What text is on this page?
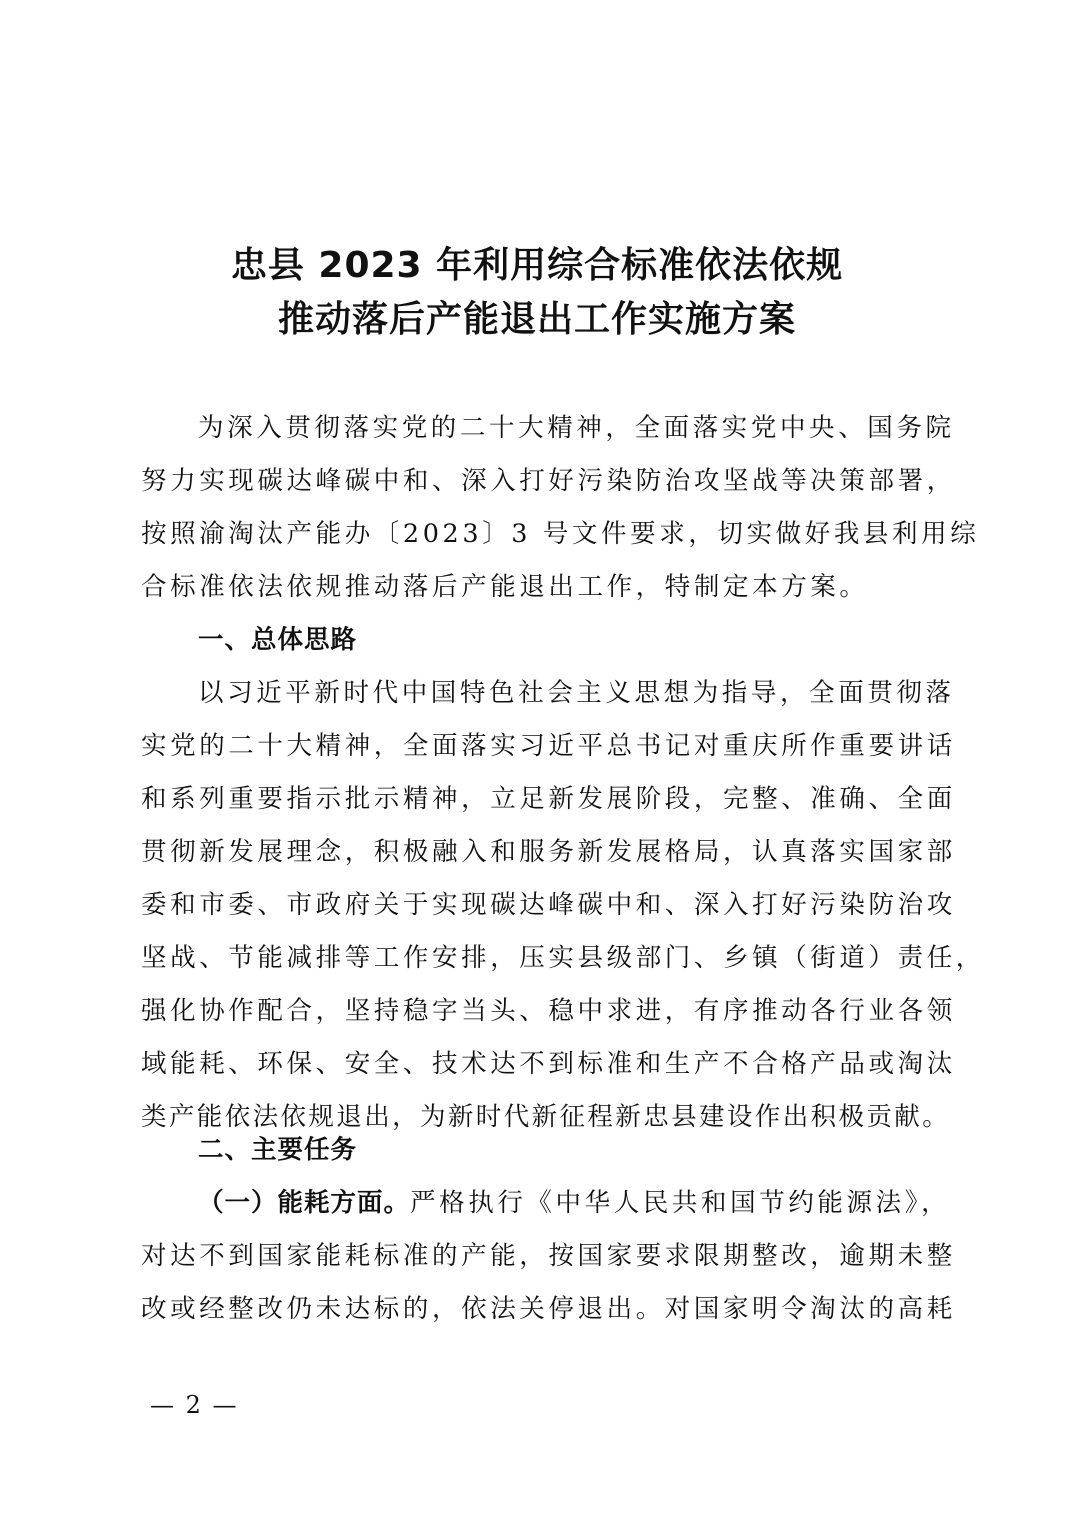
忠县 2023 年利用综合标准依法依规
推动落后产能退出工作实施方案
为深入贯彻落实党的二十大精神，全面落实党中央、国务院
努力实现碳达峰碳中和、深入打好污染防治攻坚战等决策部署，
按照渝淘汰产能办〔2023〕3 号文件要求，切实做好我县利用综
合标准依法依规推动落后产能退出工作，特制定本方案。
一、总体思路
以习近平新时代中国特色社会主义思想为指导，全面贯彻落
实党的二十大精神，全面落实习近平总书记对重庆所作重要讲话
和系列重要指示批示精神，立足新发展阶段，完整、准确、全面
贯彻新发展理念，积极融入和服务新发展格局，认真落实国家部
委和市委、市政府关于实现碳达峰碳中和、深入打好污染防治攻
坚战、节能减排等工作安排，压实县级部门、乡镇（街道）责任，
强化协作配合，坚持稳字当头、稳中求进，有序推动各行业各领
域能耗、环保、安全、技术达不到标准和生产不合格产品或淘汰
类产能依法依规退出，为新时代新征程新忠县建设作出积极贡献。
二、主要任务
（一）能耗方面。严格执行《中华人民共和国节约能源法》，
对达不到国家能耗标准的产能，按国家要求限期整改，逾期未整
改或经整改仍未达标的，依法关停退出。对国家明令淘汰的高耗
— 2 —
